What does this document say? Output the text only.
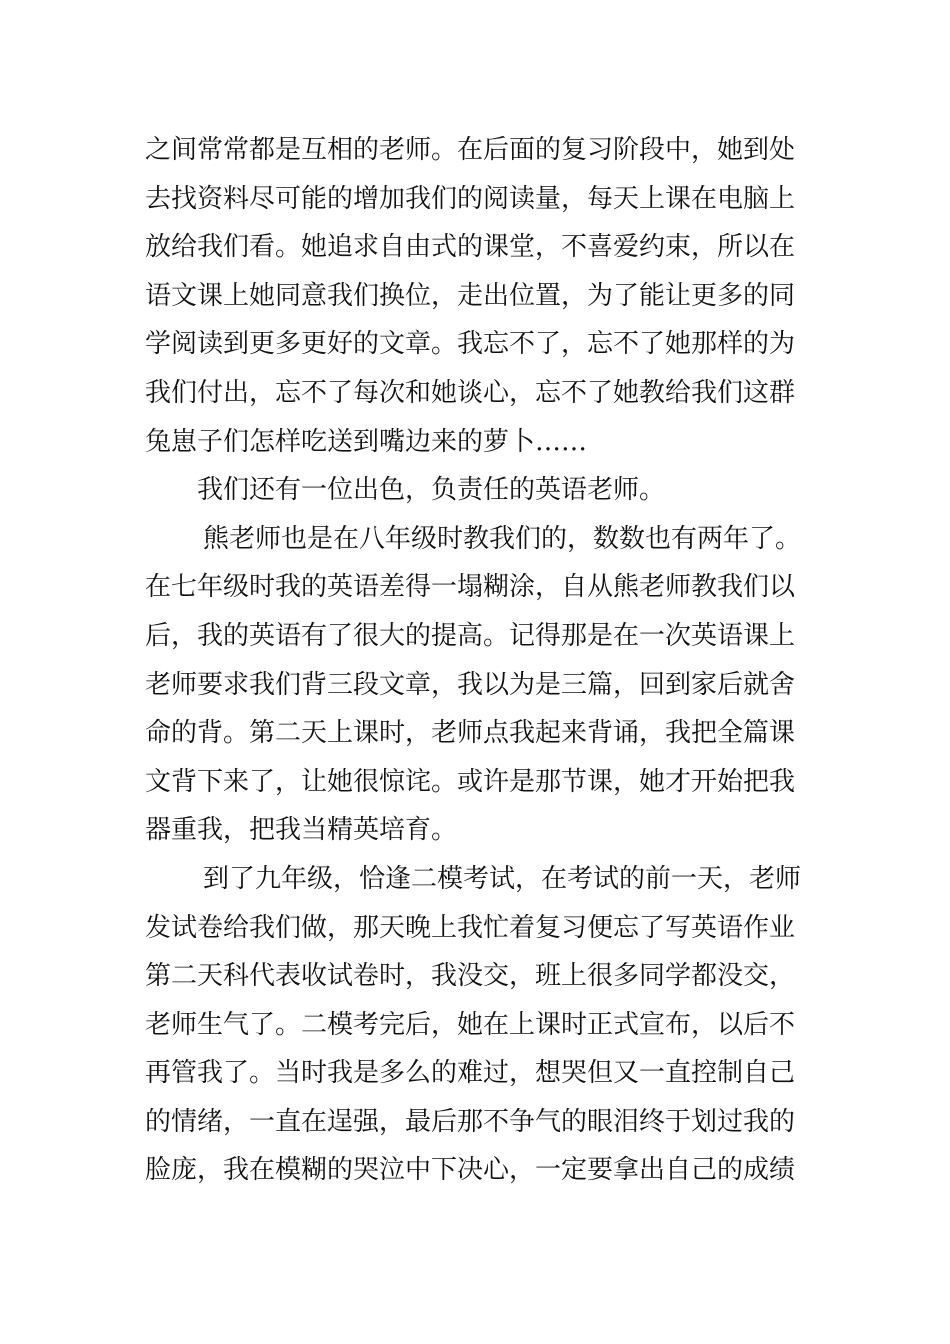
之间常常都是互相的老师。在后面的复习阶段中，她到处
去找资料尽可能的增加我们的阅读量，每天上课在电脑上
放给我们看。她追求自由式的课堂，不喜爱约束，所以在
语文课上她同意我们换位，走出位置，为了能让更多的同
学阅读到更多更好的文章。我忘不了，忘不了她那样的为
我们付出，忘不了每次和她谈心，忘不了她教给我们这群
兔崽子们怎样吃送到嘴边来的萝卜……
我们还有一位出色，负责任的英语老师。
熊老师也是在八年级时教我们的，数数也有两年了。
在七年级时我的英语差得一塌糊涂，自从熊老师教我们以
后，我的英语有了很大的提高。记得那是在一次英语课上
老师要求我们背三段文章，我以为是三篇，回到家后就舍
命的背。第二天上课时，老师点我起来背诵，我把全篇课
文背下来了，让她很惊诧。或许是那节课，她才开始把我
器重我，把我当精英培育。
到了九年级，恰逢二模考试，在考试的前一天，老师
发试卷给我们做，那天晚上我忙着复习便忘了写英语作业
第二天科代表收试卷时，我没交，班上很多同学都没交，
老师生气了。二模考完后，她在上课时正式宣布，以后不
再管我了。当时我是多么的难过，想哭但又一直控制自己
的情绪，一直在逞强，最后那不争气的眼泪终于划过我的
脸庞，我在模糊的哭泣中下决心，一定要拿出自己的成绩
